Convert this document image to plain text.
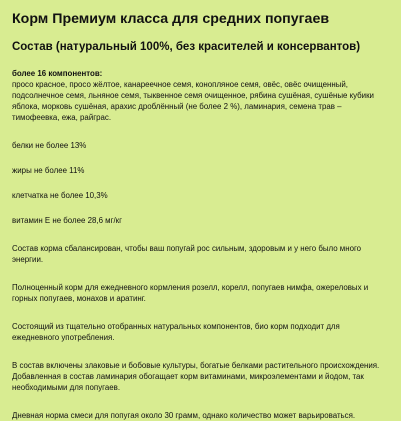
Корм Премиум класса для средних попугаев
Состав (натуральный 100%, без красителей и консервантов)

более 16 компонентов:
просо красное, просо жёлтое, канареечное семя, конопляное семя, овёс, овёс очищенный, подсолнечное семя, льняное семя, тыквенное семя очищенное, рябина сушёная, сушёные кубики яблока, морковь сушёная, арахис дроблённый (не более 2 %), ламинария, семена трав – тимофеевка, ежа, райграс.

белки не более 13%

жиры не более 11%

клетчатка не более 10,3%

витамин Е не более 28,6 мг/кг

Состав корма сбалансирован, чтобы ваш попугай рос сильным, здоровым и у него было много энергии.

Полноценный корм для ежедневного кормления розелл, корелл, попугаев нимфа, ожереловых и горных попугаев, монахов и аратинг.

Состоящий из тщательно отобранных натуральных компонентов, био корм подходит для ежедневного употребления.

В состав включены злаковые и бобовые культуры, богатые белками растительного происхождения. Добавленная в состав ламинария обогащает корм витаминами, микроэлементами и йодом, так необходимыми для попугаев.

Дневная норма смеси для попугая около 30 грамм, однако количество может варьироваться.
